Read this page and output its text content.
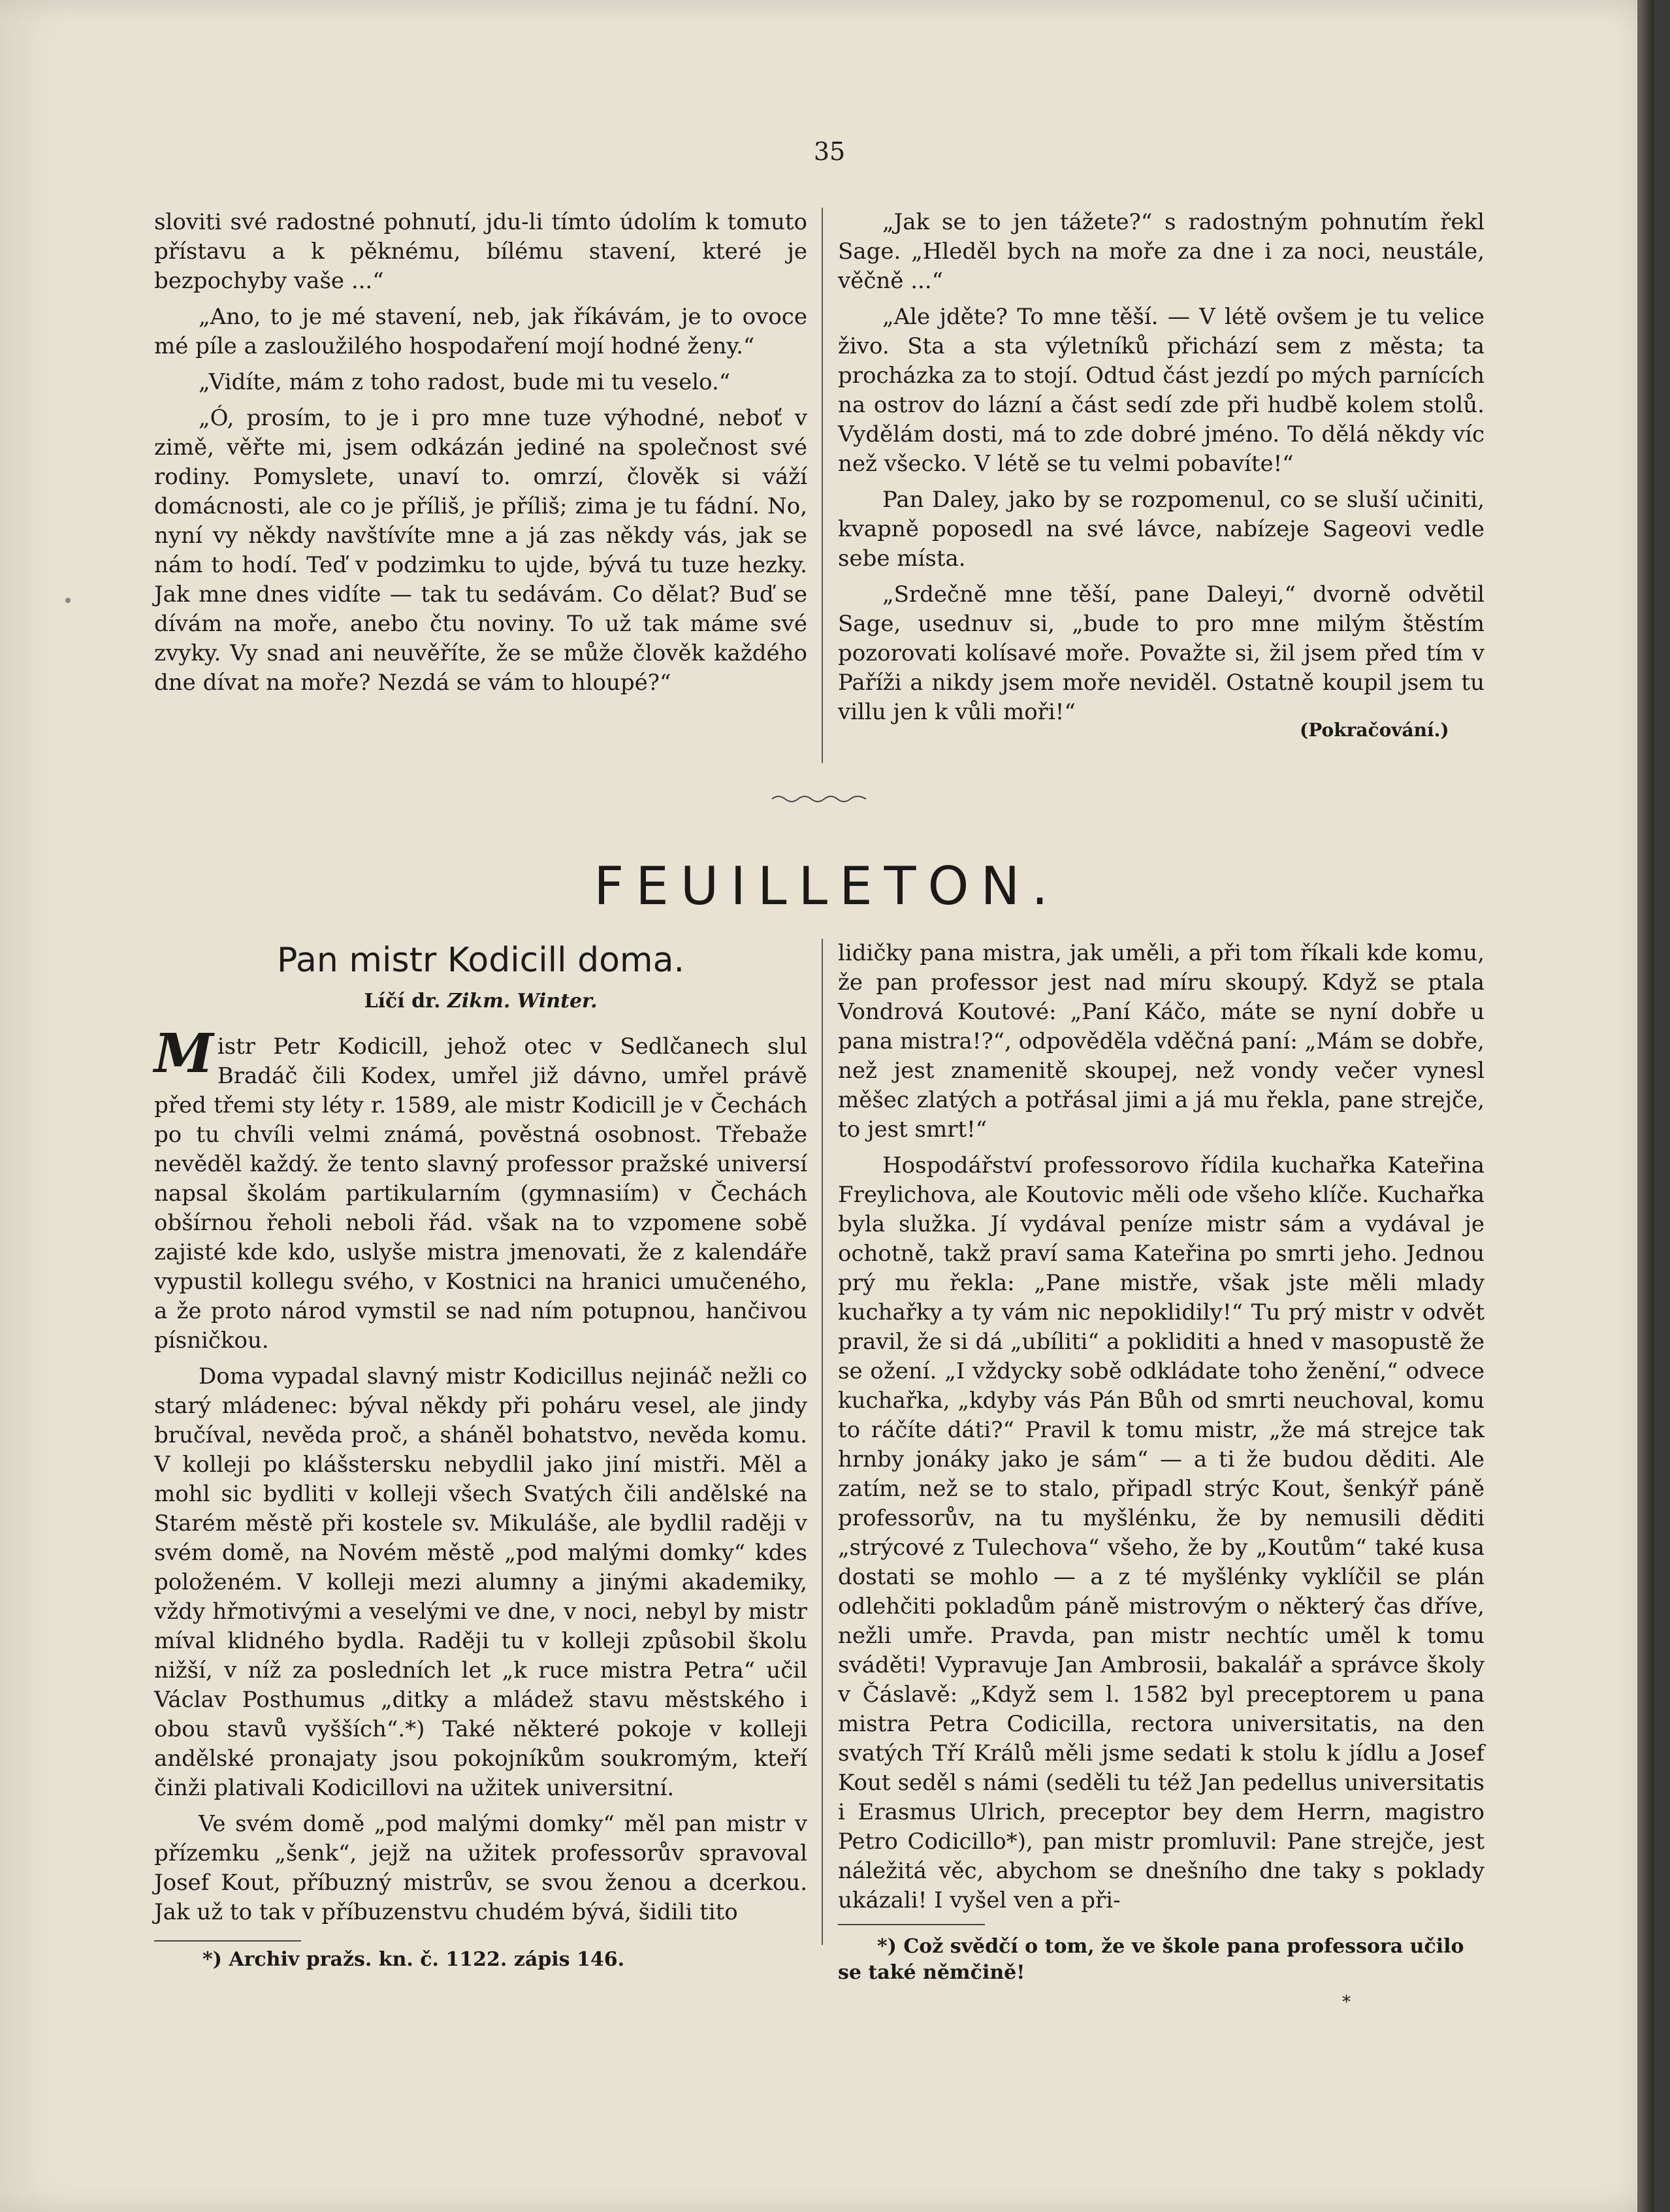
35

sloviti své radostné pohnutí, jdu-li tímto údolím k tomuto přístavu a k pěknému, bílému stavení, které je bezpochyby vaše ...“

„Ano, to je mé stavení, neb, jak říkávám, je to ovoce mé píle a zasloužilého hospodaření mojí hodné ženy.“

„Vidíte, mám z toho radost, bude mi tu veselo.“

„Ó, prosím, to je i pro mne tuze výhodné, neboť v zimě, věřte mi, jsem odkázán jediné na společnost své rodiny. Pomyslete, unaví to. omrzí, člověk si váží domácnosti, ale co je příliš, je příliš; zima je tu fádní. No, nyní vy někdy navštívíte mne a já zas někdy vás, jak se nám to hodí. Teď v podzimku to ujde, bývá tu tuze hezky. Jak mne dnes vidíte — tak tu sedávám. Co dělat? Buď se dívám na moře, anebo čtu noviny. To už tak máme své zvyky. Vy snad ani neuvěříte, že se může člověk každého dne dívat na moře? Nezdá se vám to hloupé?“

„Jak se to jen tážete?“ s radostným pohnutím řekl Sage. „Hleděl bych na moře za dne i za noci, neustále, věčně ...“

„Ale jděte? To mne těší. — V létě ovšem je tu velice živo. Sta a sta výletníků přichází sem z města; ta procházka za to stojí. Odtud část jezdí po mých parnících na ostrov do lázní a část sedí zde při hudbě kolem stolů. Vydělám dosti, má to zde dobré jméno. To dělá někdy víc než všecko. V létě se tu velmi pobavíte!“

Pan Daley, jako by se rozpomenul, co se sluší učiniti, kvapně poposedl na své lávce, nabízeje Sageovi vedle sebe místa.

„Srdečně mne těší, pane Daleyi,“ dvorně odvětil Sage, usednuv si, „bude to pro mne milým štěstím pozorovati kolísavé moře. Považte si, žil jsem před tím v Paříži a nikdy jsem moře neviděl. Ostatně koupil jsem tu villu jen k vůli moři!“

(Pokračování.)
FEUILLETON.
Pan mistr Kodicill doma.
Líčí dr. Zikm. Winter.

Mistr Petr Kodicill, jehož otec v Sedlčanech slul Bradáč čili Kodex, umřel již dávno, umřel právě před třemi sty léty r. 1589, ale mistr Kodicill je v Čechách po tu chvíli velmi známá, pověstná osobnost. Třebaže nevěděl každý. že tento slavný professor pražské universí napsal školám partikularním (gymnasiím) v Čechách obšírnou řeholi neboli řád. však na to vzpomene sobě zajisté kde kdo, uslyše mistra jmenovati, že z kalendáře vypustil kollegu svého, v Kostnici na hranici umučeného, a že proto národ vymstil se nad ním potupnou, hančivou písničkou.

Doma vypadal slavný mistr Kodicillus nejináč nežli co starý mládenec: býval někdy při poháru vesel, ale jindy bručíval, nevěda proč, a sháněl bohatstvo, nevěda komu. V kolleji po klášstersku nebydlil jako jiní mistři. Měl a mohl sic bydliti v kolleji všech Svatých čili andělské na Starém městě při kostele sv. Mikuláše, ale bydlil raději v svém domě, na Novém městě „pod malými domky“ kdes položeném. V kolleji mezi alumny a jinými akademiky, vždy hřmotivými a veselými ve dne, v noci, nebyl by mistr míval klidného bydla. Raději tu v kolleji způsobil školu nižší, v níž za posledních let „k ruce mistra Petra“ učil Václav Posthumus „ditky a mládež stavu městského i obou stavů vyšších“.*) Také některé pokoje v kolleji andělské pronajaty jsou pokojníkům soukromým, kteří činži plativali Kodicillovi na užitek universitní.

Ve svém domě „pod malými domky“ měl pan mistr v přízemku „šenk“, jejž na užitek professorův spravoval Josef Kout, příbuzný mistrův, se svou ženou a dcerkou. Jak už to tak v příbuzenstvu chudém bývá, šidili tito

lidičky pana mistra, jak uměli, a při tom říkali kde komu, že pan professor jest nad míru skoupý. Když se ptala Vondrová Koutové: „Paní Káčo, máte se nyní dobře u pana mistra!?“, odpověděla vděčná paní: „Mám se dobře, než jest znamenitě skoupej, než vondy večer vynesl měšec zlatých a potřásal jimi a já mu řekla, pane strejče, to jest smrt!“

Hospodářství professorovo řídila kuchařka Kateřina Freylichova, ale Koutovic měli ode všeho klíče. Kuchařka byla služka. Jí vydával peníze mistr sám a vydával je ochotně, takž praví sama Kateřina po smrti jeho. Jednou prý mu řekla: „Pane mistře, však jste měli mlady kuchařky a ty vám nic nepoklidily!“ Tu prý mistr v odvět pravil, že si dá „ubíliti“ a pokliditi a hned v masopustě že se ožení. „I vždycky sobě odkládate toho ženění,“ odvece kuchařka, „kdyby vás Pán Bůh od smrti neuchoval, komu to ráčíte dáti?“ Pravil k tomu mistr, „že má strejce tak hrnby jonáky jako je sám“ — a ti že budou děditi. Ale zatím, než se to stalo, připadl strýc Kout, šenkýř páně professorův, na tu myšlénku, že by nemusili děditi „strýcové z Tulechova“ všeho, že by „Koutům“ také kusa dostati se mohlo — a z té myšlénky vyklíčil se plán odlehčiti pokladům páně mistrovým o některý čas dříve, nežli umře. Pravda, pan mistr nechtíc uměl k tomu sváděti! Vypravuje Jan Ambrosii, bakalář a správce školy v Čáslavě: „Když sem l. 1582 byl preceptorem u pana mistra Petra Codicilla, rectora universitatis, na den svatých Tří Králů měli jsme sedati k stolu k jídlu a Josef Kout seděl s námi (seděli tu též Jan pedellus universitatis i Erasmus Ulrich, preceptor bey dem Herrn, magistro Petro Codicillo*), pan mistr promluvil: Pane strejče, jest náležitá věc, abychom se dnešního dne taky s poklady ukázali! I vyšel ven a při-

*) Archiv pražs. kn. č. 1122. zápis 146.
*) Což svědčí o tom, že ve škole pana professora učilo se také němčině!
*
